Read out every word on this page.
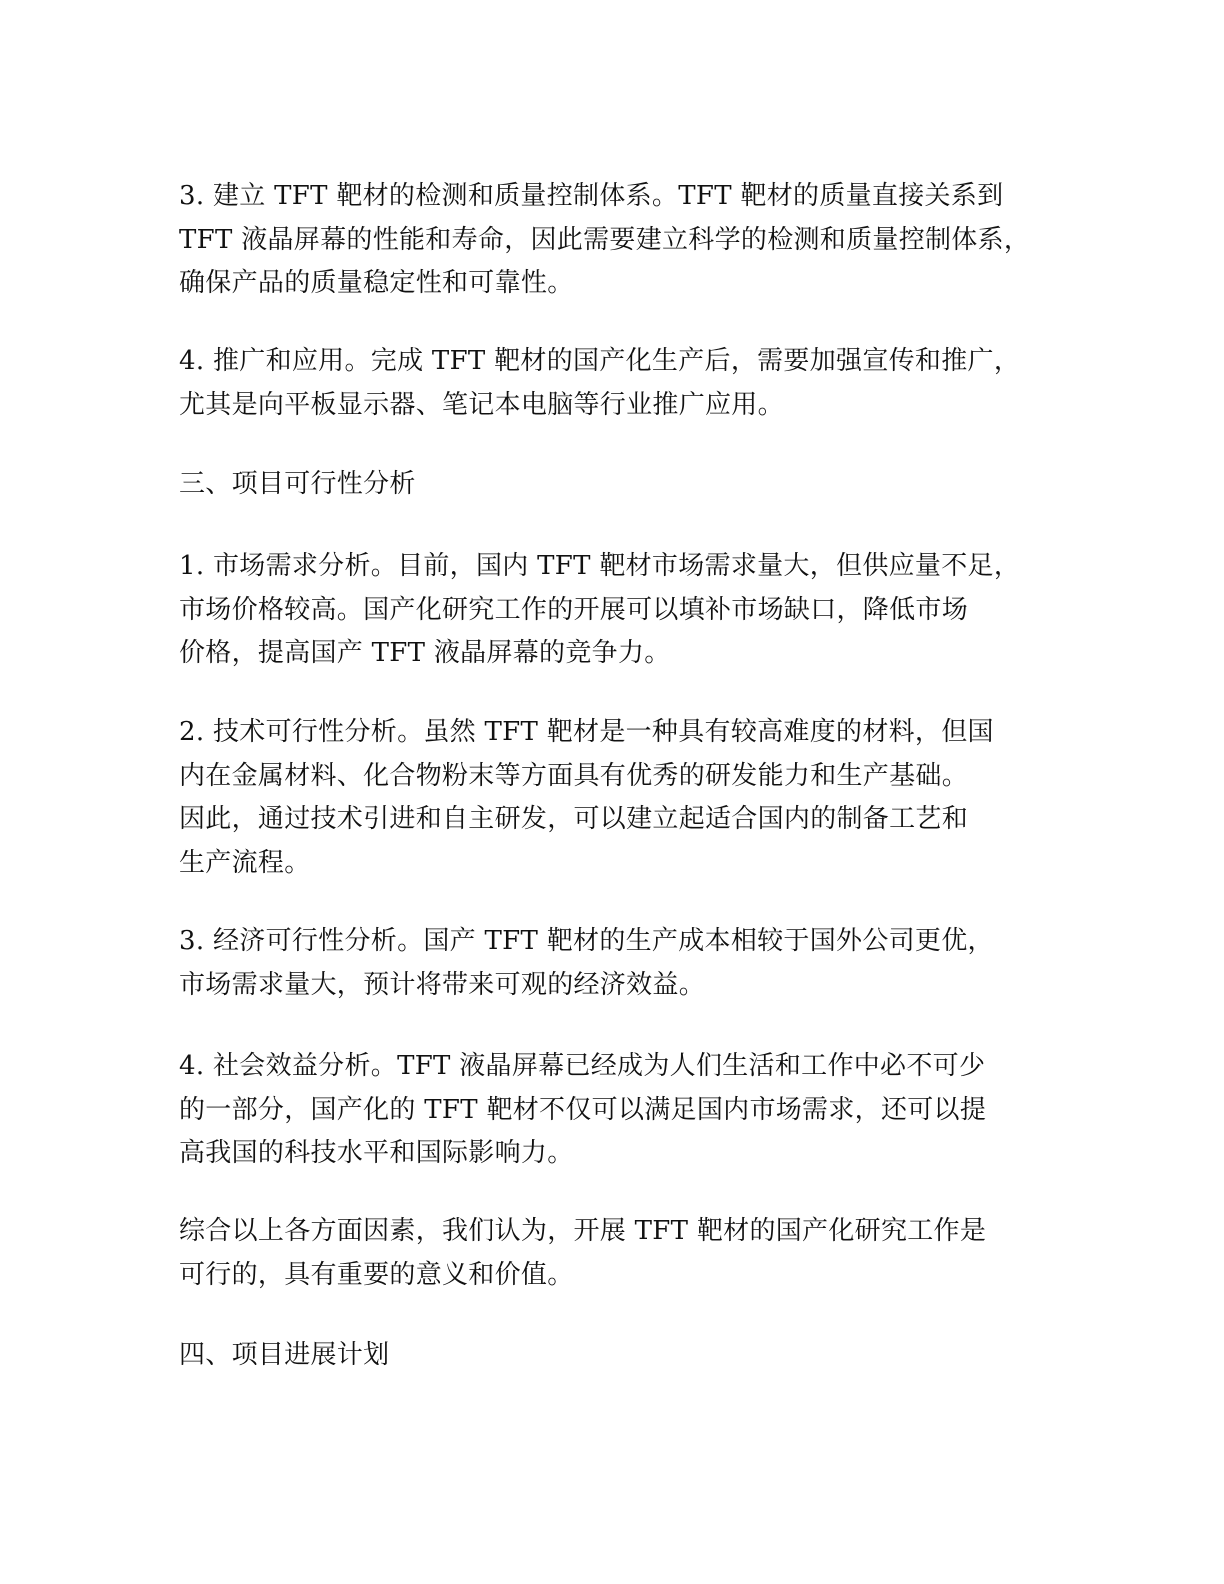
3. 建立 TFT 靶材的检测和质量控制体系。TFT 靶材的质量直接关系到
TFT 液晶屏幕的性能和寿命，因此需要建立科学的检测和质量控制体系，
确保产品的质量稳定性和可靠性。

4. 推广和应用。完成 TFT 靶材的国产化生产后，需要加强宣传和推广，
尤其是向平板显示器、笔记本电脑等行业推广应用。

三、项目可行性分析

1. 市场需求分析。目前，国内 TFT 靶材市场需求量大，但供应量不足，
市场价格较高。国产化研究工作的开展可以填补市场缺口，降低市场
价格，提高国产 TFT 液晶屏幕的竞争力。

2. 技术可行性分析。虽然 TFT 靶材是一种具有较高难度的材料，但国
内在金属材料、化合物粉末等方面具有优秀的研发能力和生产基础。
因此，通过技术引进和自主研发，可以建立起适合国内的制备工艺和
生产流程。

3. 经济可行性分析。国产 TFT 靶材的生产成本相较于国外公司更优，
市场需求量大，预计将带来可观的经济效益。

4. 社会效益分析。TFT 液晶屏幕已经成为人们生活和工作中必不可少
的一部分，国产化的 TFT 靶材不仅可以满足国内市场需求，还可以提
高我国的科技水平和国际影响力。

综合以上各方面因素，我们认为，开展 TFT 靶材的国产化研究工作是
可行的，具有重要的意义和价值。

四、项目进展计划
